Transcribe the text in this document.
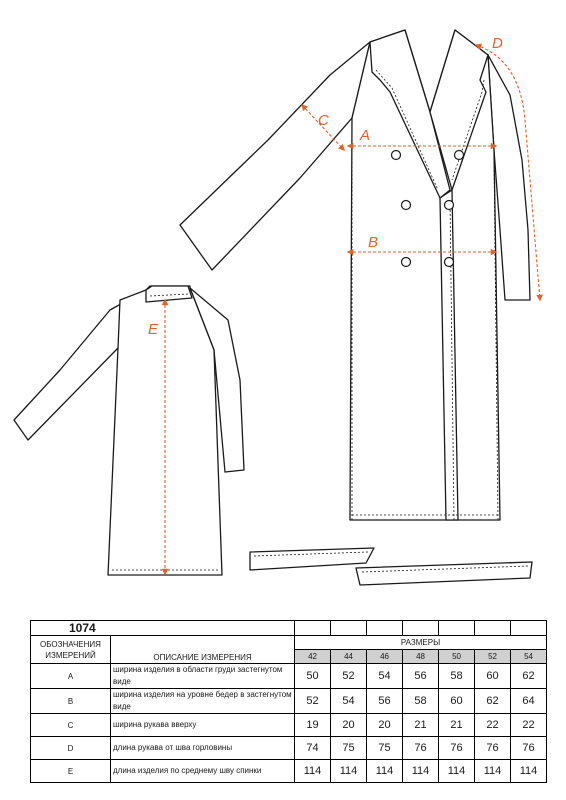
A
B
C
D
E
1074								
ОБОЗНАЧЕНИЯ ИЗМЕРЕНИЙ	ОПИСАНИЕ ИЗМЕРЕНИЯ	РАЗМЕРЫ						
		42	44	46	48	50	52	54
A	ширина изделия в области груди застегнутом виде	50	52	54	56	58	60	62
B	ширина изделия на уровне бедер в застегнутом виде	52	54	56	58	60	62	64
C	ширина рукава вверху	19	20	20	21	21	22	22
D	длина рукава от шва горловины	74	75	75	76	76	76	76
E	длина изделия по среднему шву спинки	114	114	114	114	114	114	114
